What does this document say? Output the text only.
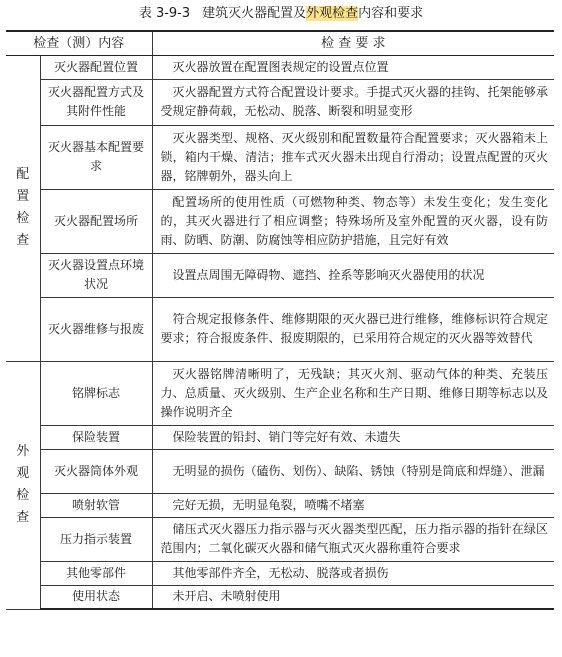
表 3-9-3 建筑灭火器配置及外观检查内容和要求
检查（测）内容		检 查 要 求

配
置
检
查	灭火器配置位置	灭火器放置在配置图表规定的设置点位置

	灭火器配置方式及其附件性能	灭火器配置方式符合配置设计要求。手提式灭火器的挂钩、托架能够承受规定静荷载，无松动、脱落、断裂和明显变形

	灭火器基本配置要求	灭火器类型、规格、灭火级别和配置数量符合配置要求；灭火器箱未上锁，箱内干燥、清洁；推车式灭火器未出现自行滑动；设置点配置的灭火器，铭牌朝外，器头向上

	灭火器配置场所	配置场所的使用性质（可燃物种类、物态等）未发生变化；发生变化的，其灭火器进行了相应调整；特殊场所及室外配置的灭火器，设有防雨、防晒、防潮、防腐蚀等相应防护措施，且完好有效

	灭火器设置点环境状况	设置点周围无障碍物、遮挡、拴系等影响灭火器使用的状况

	灭火器维修与报废	符合规定报修条件、维修期限的灭火器已进行维修，维修标识符合规定要求；符合报废条件、报废期限的，已采用符合规定的灭火器等效替代

外
观
检
查	铭牌标志	灭火器铭牌清晰明了，无残缺；其灭火剂、驱动气体的种类、充装压力、总质量、灭火级别、生产企业名称和生产日期、维修日期等标志以及操作说明齐全

	保险装置	保险装置的铅封、销门等完好有效、未遗失

	灭火器筒体外观	无明显的损伤（磕伤、划伤）、缺陷、锈蚀（特别是筒底和焊缝）、泄漏

	喷射软管	完好无损，无明显龟裂，喷嘴不堵塞

	压力指示装置	储压式灭火器压力指示器与灭火器类型匹配，压力指示器的指针在绿区范围内；二氧化碳灭火器和储气瓶式灭火器称重符合要求

	其他零部件	其他零部件齐全，无松动、脱落或者损伤

	使用状态	未开启、未喷射使用
